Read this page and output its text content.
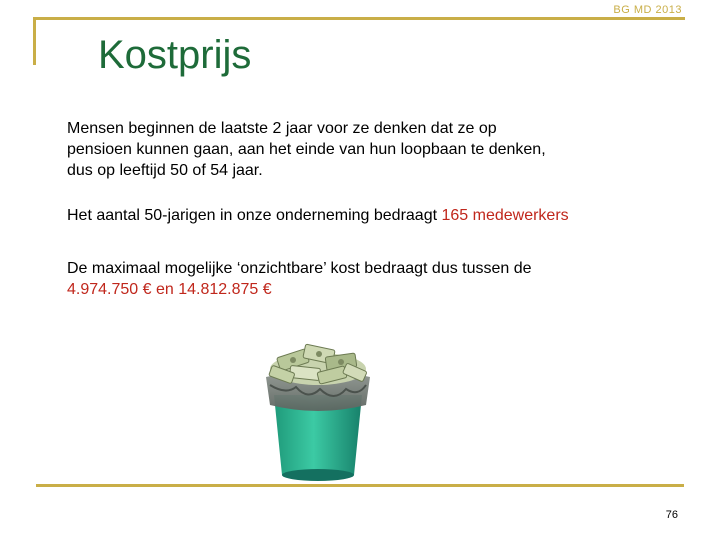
BG MD 2013
Kostprijs
Mensen beginnen de laatste 2 jaar voor ze denken dat ze op
pensioen kunnen gaan, aan het einde van hun loopbaan te denken,
dus op leeftijd 50 of 54 jaar.
Het aantal 50-jarigen in onze onderneming bedraagt 165 medewerkers
De maximaal mogelijke ‘onzichtbare’ kost bedraagt dus tussen de
4.974.750 € en 14.812.875 €
76
